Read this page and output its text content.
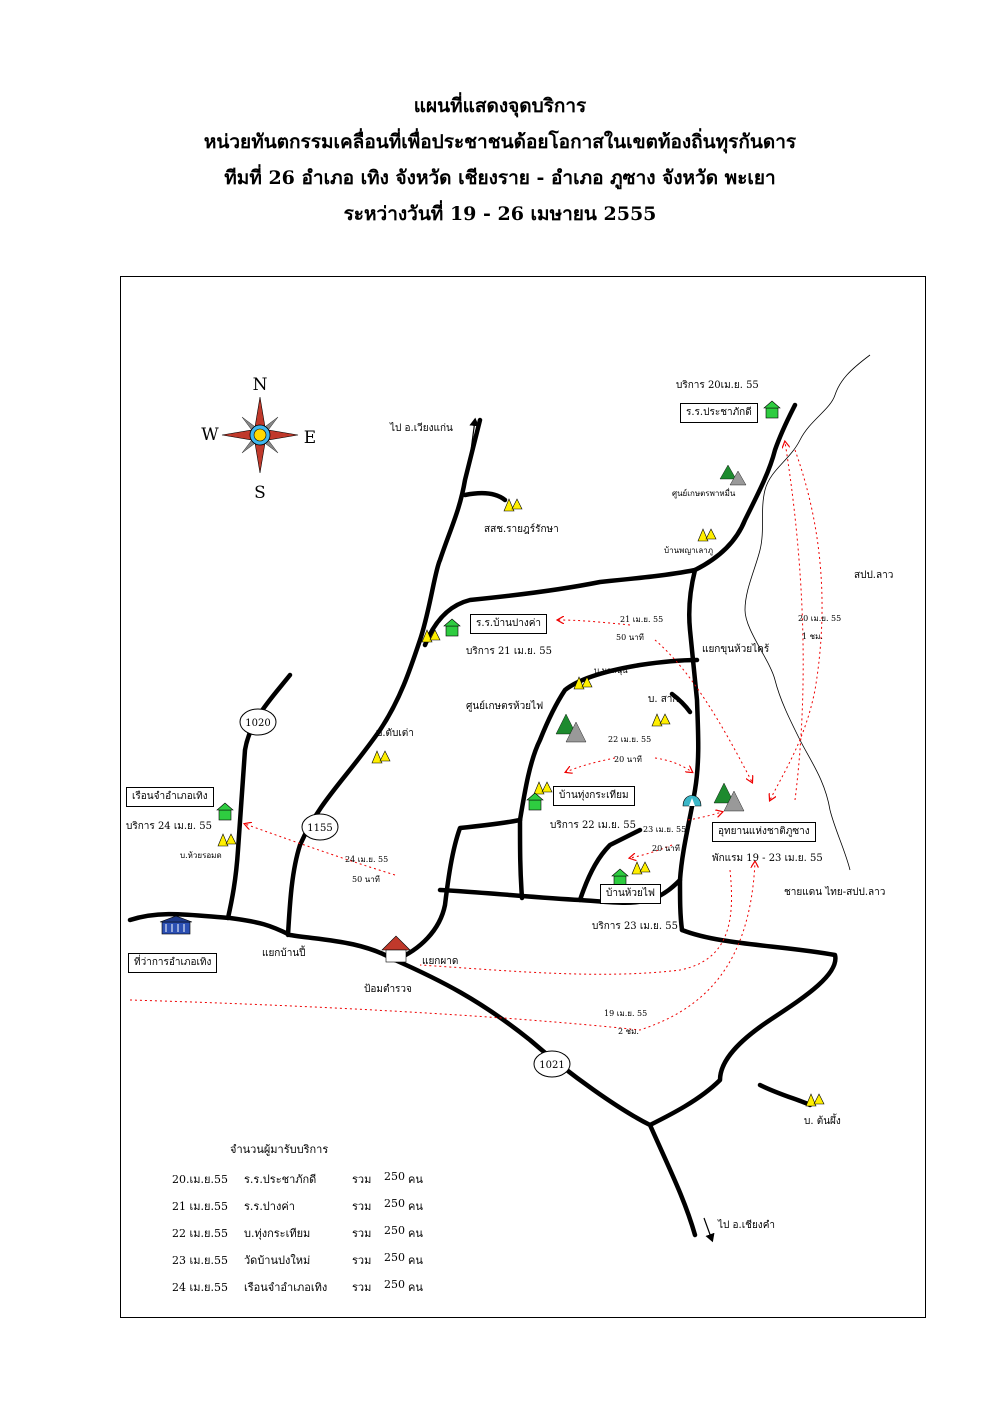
แผนที่แสดงจุดบริการ
หน่วยทันตกรรมเคลื่อนที่เพื่อประชาชนด้อยโอกาสในเขตท้องถิ่นทุรกันดาร
ทีมที่ 26 อำเภอ เทิง จังหวัด เชียงราย - อำเภอ ภูซาง จังหวัด พะเยา
ระหว่างวันที่ 19 - 26 เมษายน 2555
1020
1155
1021
N
S
E
W	ไป อ.เวียงแก่น
สสช.รายฎร์รักษา
บริการ 20เม.ย. 55
ศูนย์เกษตรพาหมื่น
บ้านพญาเลาภู
บริการ 21 เม.ย. 55
สปป.ลาว
แยกขุนห้วยไคร้
บ.มาหนุน
ศูนย์เกษตรห้วยไฟ
บ. สาก
บ.ตับเต่า
บริการ 22 เม.ย. 55
พักแรม 19 - 23 เม.ย. 55
บริการ 23 เม.ย. 55
ชายแดน ไทย-สปป.ลาว
บริการ 24 เม.ย. 55
บ.ห้วยรอมด
แยกบ้านปี้
แยกผาด
ป้อมตำรวจ
บ. ต้นผึ้ง
ไป อ.เชียงคำ
20 เม.ย. 55
1 ชม.
21 เม.ย. 55
50 นาที
22 เม.ย. 55
20 นาที
23 เม.ย. 55
20 นาที
24 เม.ย. 55
50 นาที
19 เม.ย. 55
2 ชม.
ร.ร.ประชาภักดี
ร.ร.บ้านปางค่า
บ้านทุ่งกระเทียม
อุทยานแห่งชาติภูซาง
บ้านห้วยไฟ
เรือนจำอำเภอเทิง
ที่ว่าการอำเภอเทิง
จำนวนผู้มารับบริการ
20.เม.ย.55 ร.ร.ประชาภักดี	รวม 250 คน
21 เม.ย.55 ร.ร.ปางค่า	รวม 250 คน
22 เม.ย.55 บ.ทุ่งกระเทียม	รวม 250 คน
23 เม.ย.55 วัดบ้านปงใหม่	รวม 250 คน
24 เม.ย.55 เรือนจำอำเภอเทิง รวม 250 คน
